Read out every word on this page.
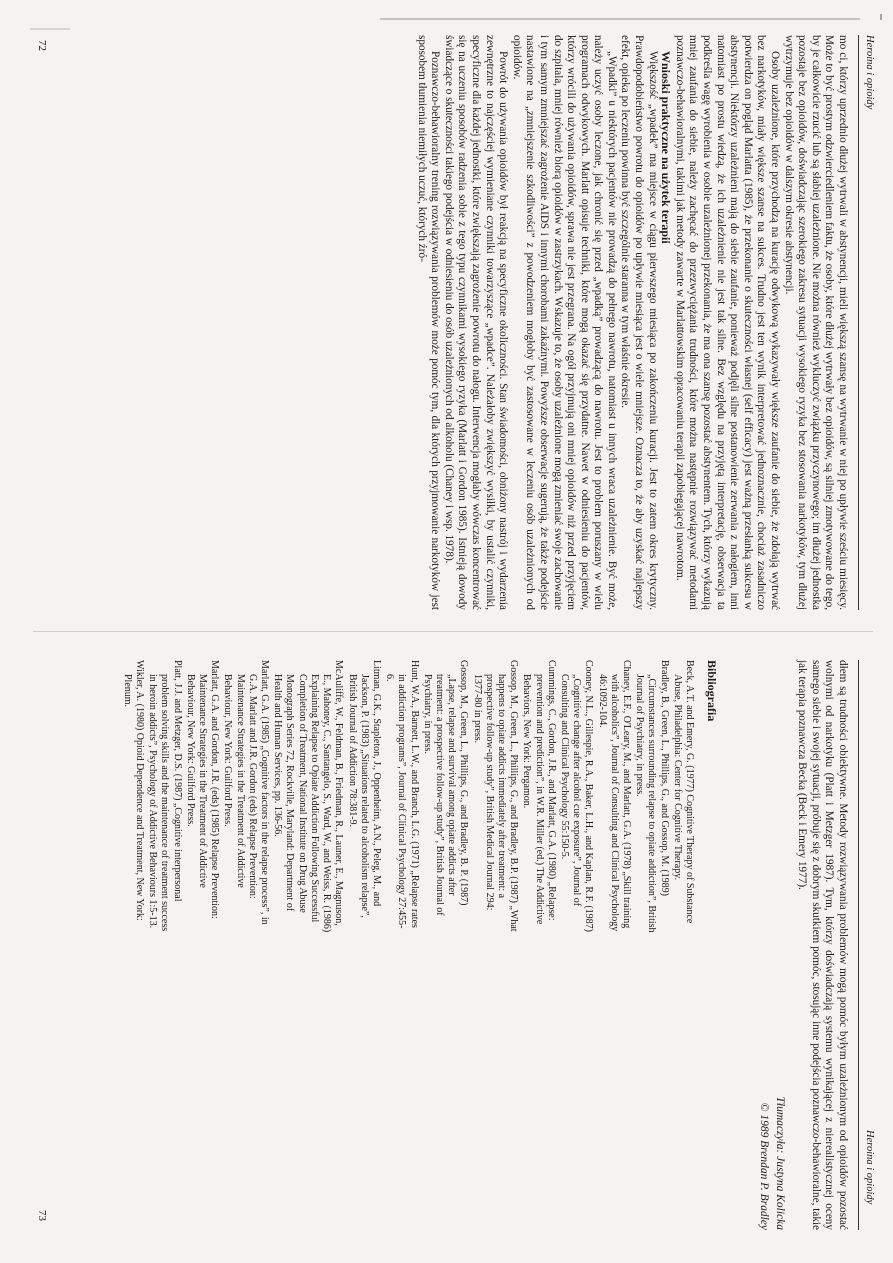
Heroina i opioidy

mo ci, którzy uprzednio dłużej wytrwali w abstynencji, mieli większą szansę na wytrwanie w niej po upływie sześciu miesięcy. Może to być prostym odzwierciedleniem faktu, że osoby, które dłużej wytrwały bez opioidów, są silniej zmotywowane do tego, by je całkowicie rzucić lub są słabiej uzależnione. Nie można również wykluczyć związku przyczynowego; im dłużej jednostka pozostaje bez opioidów, doświadczając szerokiego zakresu sytuacji wysokiego ryzyka bez stosowania narkotyków, tym dłużej wytrzymuje bez opioidów w dalszym okresie abstynencji.

Osoby uzależnione, które przychodzą na kurację odwykową wykazywały większe zaufanie do siebie, że zdołają wytrwać bez narkotyków, miały większe szanse na sukces. Trudno jest ten wynik interpretować jednoznacznie, chociaż zasadniczo potwierdza on pogląd Marlatta (1985), że przekonanie o skuteczności własnej (self efficacy) jest ważną przesłanką sukcesu w abstynencji. Niektórzy uzależnieni mają do siebie zaufanie, ponieważ podjęli silne postanowienie zerwania z nałogiem, inni natomiast po prostu wiedzą, że ich uzależnienie nie jest tak silne. Bez względu na przyjętą interpretację, obserwacja ta podkreśla wagę wyrobienia w osobie uzależnionej przekonania, że ma ona szansę pozostać abstynentem. Tych, którzy wykazują mniej zaufania do siebie, należy zachęcać do przezwyciężania trudności, które można następnie rozwiązywać metodami poznawczo-behawioralnymi, takimi jak metody zawarte w Marlattowskim opracowaniu terapii zapobiegającej nawrotom.

Wnioski praktyczne na użytek terapii

Większość „wpadek” ma miejsce w ciągu pierwszego miesiąca po zakończeniu kuracji. Jest to zatem okres krytyczny. Prawdopodobieństwo powrotu do opioidów po upływie miesiąca jest o wiele mniejsze. Oznacza to, że aby uzyskać najlepszy efekt, opieka po leczeniu powinna być szczególnie staranna w tym właśnie okresie.

„Wpadki” u niektórych pacjentów nie prowadzą do pełnego nawrotu, natomiast u innych wraca uzależnienie. Być może, należy uczyć osoby leczone, jak chronić się przed „wpadką” prowadzącą do nawrotu. Jest to problem poruszany w wielu programach odwykowych. Marlatt opisuje techniki, które mogą okazać się przydatne. Nawet w odniesieniu do pacjentów, którzy wrócili do używania opioidów, sprawa nie jest przegrana. Na ogół przyjmują oni mniej opioidów niż przed przyjęciem do szpitala, mniej również biorą opioidów w zastrzykach. Wskazuje to, że osoby uzależnione mogą zmieniać swoje zachowanie i tym samym zmniejszać zagrożenie AIDS i innymi chorobami zakaźnymi. Powyższe obserwacje sugerują, że także podejście nastawione na „zmniejszenie szkodliwości” z powodzeniem mogłoby być zastosowane w leczeniu osób uzależnionych od opioidów.

Powrót do używania opioidów był reakcją na specyficzne okoliczności. Stan świadomości, obniżony nastrój i wydarzenia zewnętrzne to najczęściej wymieniane czynniki towarzyszące „wpadce”. Należałoby zwiększyć wysiłki, by ustalić czynniki, specyficzne dla każdej jednostki, które zwiększają zagrożenie powrotu do nałogu. Interwencja mogłaby wówczas koncentrować się na uczeniu sposobów radzenia sobie z tego typu czynnikami wysokiego ryzyka (Marlatt i Gordon 1985). Istnieją dowody świadczące o skuteczności takiego podejścia w odniesieniu do osób uzależnionych od alkoholu (Chaney i wsp. 1978).

Poznawczo-behawioralny trening rozwiązywania problemów może pomóc tym, dla których przyjmowanie narkotyków jest sposobem tłumienia niemiłych uczuć, których źró-

72
Heroina i opioidy

dłem są trudności obiektywne. Metody rozwiązywania problemów mogą pomóc byłym uzależnionym od opioidów pozostać wolnymi od narkotyku (Platt i Metzger 1987). Tym, którzy doświadczają systemu wynikającej z nierealistycznej oceny samego siebie i swojej sytuacji, próbuje się z dobrym skutkiem pomóc, stosując inne podejścia poznawczo-behawioralne, takie jak terapia poznawcza Becka (Beck i Emery 1977).

Tłumaczyła: Justyna Kolicka
© 1989 Brendan P. Bradley
Bibliografia

Beck, A.T. and Emery, G. (1977) Cognitive Therapy of Substance Abuse, Philadelphia: Center for Cognitive Therapy.

Bradley, B., Green, L., Phillips, G., and Gossop, M. (1989) „Circumstances surrounding relapse to opiate addiction”, British Journal of Psychiatry, in press.

Chaney, E.F., O'Leary, M., and Marlatt, G.A. (1978) „Skill training with alcoholics”, Journal of Consulting and Clinical Psychology 46:1092-104.

Cooney, N.L., Gillespie, R.A., Baker, L.H., and Kaplan, R.F. (1987) „Cognitive change after alcohol cue exposure”, Journal of Consulting and Clinical Psychology 55:150-5.

Cummings, C., Gordon, J.R., and Marlatt, G.A. (1980) „Relapse: prevention and prediction”, in W.R. Miller (ed.) The Addictive Behaviors, New York: Pergamon.

Gossop, M., Green, L., Phillips, G., and Bradley, B.P. (1987) „What happens to opiate addicts immediately after treatment: a prospective follow-up study”, British Medical Journal 294: 1377-80 in press.

Gossop, M., Green, L., Phillips, G., and Bradley, B. P. (1987) „Lapse, relapse and survival among opiate addicts after treatment: a prospective follow-up study”, British Journal of Psychiatry, in press.

Hunt, W.A., Barnett, L.W., and Branch, L.G. (1971) „Relapse rates in addiction programs”, Journal of Clinical Psychology 27:455-6.

Litman, G.K., Stapleton, J., Oppenheim, A.N., Peleg, M., and Jackson, P. (1983) „Situations related to alcoholism relapse”, British Journal of Addiction 78:381-9.

McAuliffe, W., Feldman, B., Friedman, R., Launer, E., Magnuson, E., Mahoney, C., Santangelo, S., Ward, W., and Weiss, R. (1986) Explaining Relapse to Opiate Addiction Following Successful Completion of Treatment, National Institute on Drug Abuse Monograph Series 72, Rockville, Maryland: Department of Health and Human Services, pp. 136-56.

Marlatt, G.A. (1985) „Cognitive factors in the relapse process”, in G.A. Marlatt and J.R. Gordon (eds) Relapse Prevention: Maintenance Strategies in the Treatment of Addictive Behaviour, New York: Guilford Press.

Marlatt, G.A. and Gordon, J.R. (eds) (1985) Relapse Prevention: Maintenance Strategies in the Treatment of Addictive Behaviour, New York: Guilford Press.

Platt, J.J. and Metzger, D.S. (1987) „Cognitive interpersonal problem solving skills and the maintenance of treatment success in heroin addicts”, Psychology of Addictive Behaviours 1:5-13.

Wikler, A. (1980) Opioid Dependence and Treatment, New York: Plenum.

73
